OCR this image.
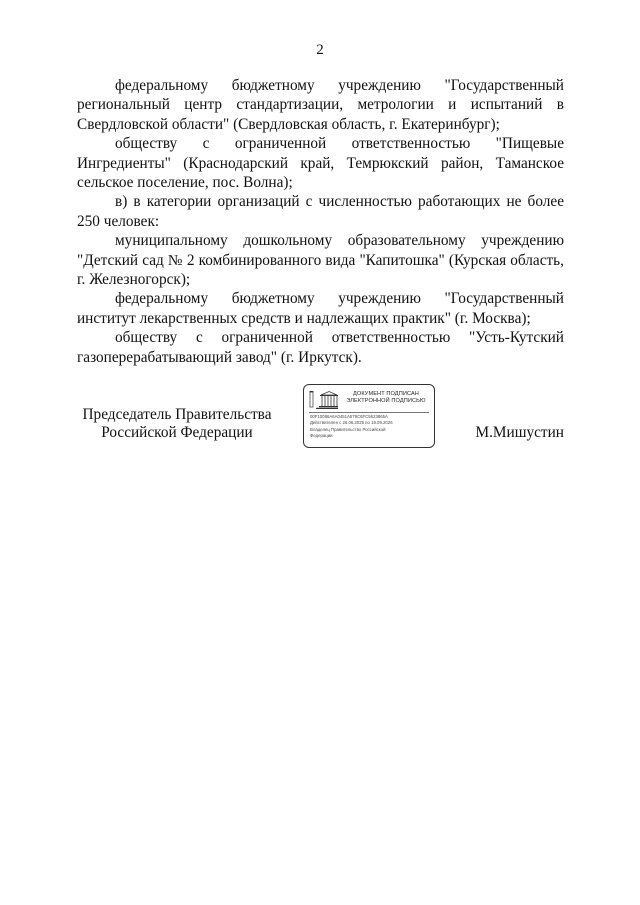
2

федеральному бюджетному учреждению "Государственный региональный центр стандартизации, метрологии и испытаний в Свердловской области" (Свердловская область, г. Екатеринбург);

обществу с ограниченной ответственностью "Пищевые Ингредиенты" (Краснодарский край, Темрюкский район, Таманское сельское поселение, пос. Волна);

в) в категории организаций с численностью работающих не более 250 человек:

муниципальному дошкольному образовательному учреждению "Детский сад № 2 комбинированного вида "Капитошка" (Курская область, г. Железногорск);

федеральному бюджетному учреждению "Государственный институт лекарственных средств и надлежащих практик" (г. Москва);

обществу с ограниченной ответственностью "Усть-Кутский газоперерабатывающий завод" (г. Иркутск).

Председатель Правительства
Российской Федерации
ДОКУМЕНТ ПОДПИСАН
ЭЛЕКТРОННОЙ ПОДПИСЬЮ
00F10086A6A0451A579C6FC5623865A
Действителен с 26.06.2025 по 19.09.2026
Владелец Правительство Российской
Федерации	М.Мишустин
